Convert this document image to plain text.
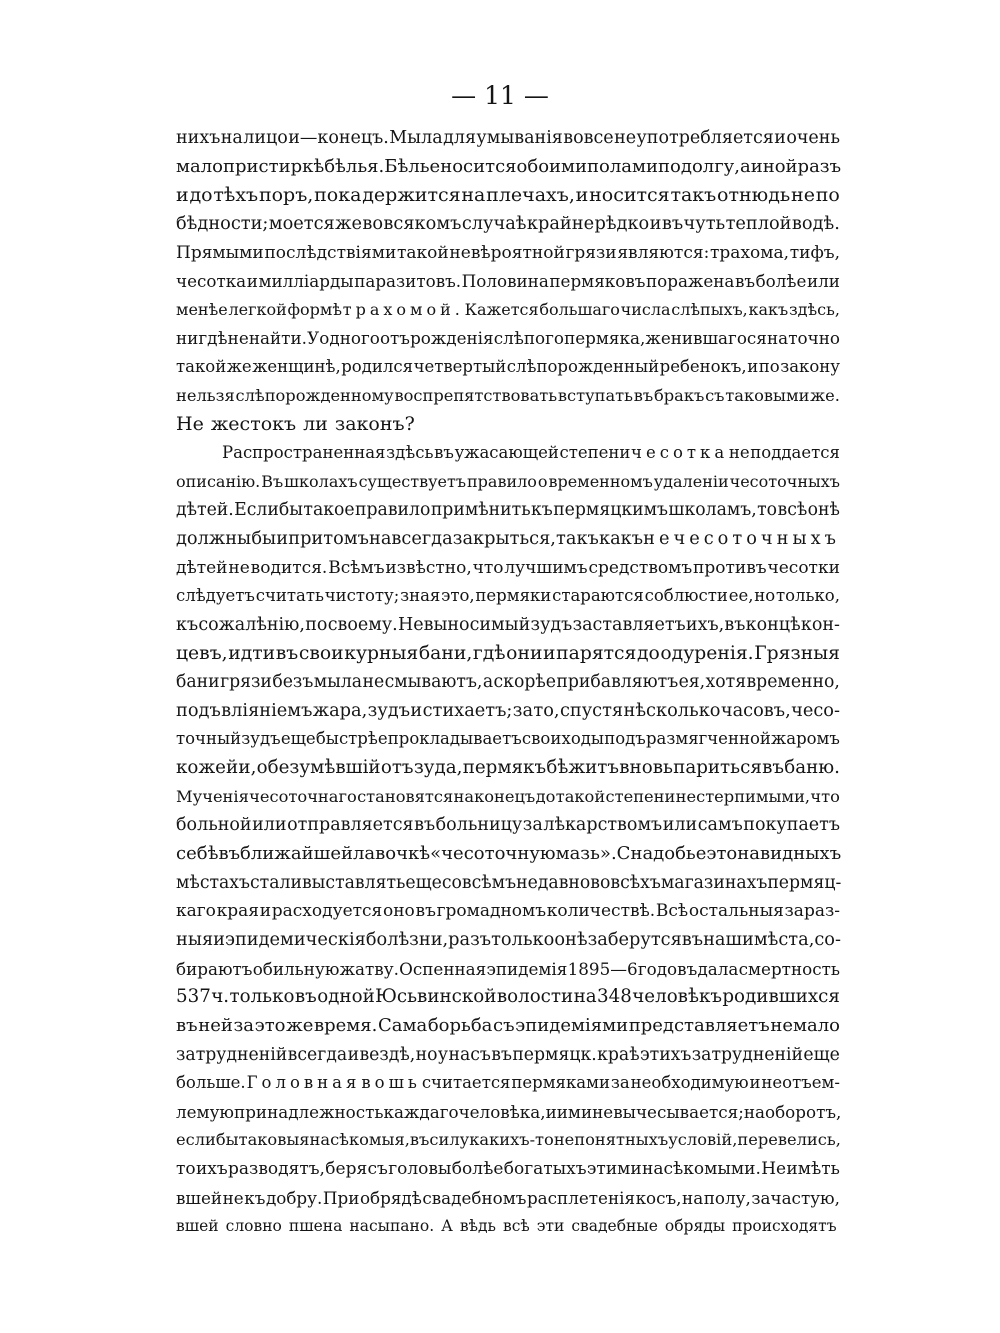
— 11 —
нихъ на лицо и—конецъ. Мыла для умыванія вовсе не употребляется и очень
мало при стиркѣ бѣлья. Бѣлье носится обоими полами по долгу, а иной разъ
и до тѣхъ поръ, пока держится на плечахъ, и носится такъ отнюдь не по
бѣдности; моется же во всякомъ случаѣ крайне рѣдко и въ чуть теплой водѣ.
Прямыми послѣдствіями такой невѣроятной грязи являются: трахома, тифъ,
чесотка и милліарды паразитовъ. Половина пермяковъ поражена въ болѣе или
менѣе легкой формѣ трахомой. Кажется большаго числа слѣпыхъ, какъ здѣсь,
нигдѣ не найти. У одного отъ рожденія слѣпого пермяка, женившагося на точно
такой же женщинѣ, родился четвертый слѣпорожденный ребенокъ, и по закону
нельзя слѣпорожденному воспрепятствовать вступать въ бракъ съ таковыми же.
Не жестокъ ли законъ?
Распространенная здѣсь въ ужасающей степени чесотка не поддается
описанію. Въ школахъ существуетъ правило о временномъ удаленіи чесоточныхъ
дѣтей. Еслибы такое правило примѣнить къ пермяцкимъ школамъ, то всѣ онѣ
должны бы и притомъ навсегда закрыться, такъ какъ нечесоточныхъ
дѣтей не водится. Всѣмъ извѣстно, что лучшимъ средствомъ противъ чесотки
слѣдуетъ считать чистоту; зная это, пермяки стараются соблюсти ее, но только,
къ сожалѣнію, по своему. Невыносимый зудъ заставляетъ ихъ, въ концѣ кон-
цевъ, идти въ свои курныя бани, гдѣ они и парятся до одуренія. Грязныя
бани грязи безъ мыла не смываютъ, а скорѣе прибавляютъ ея, хотя временно,
подъ вліяніемъ жара, зудъ и стихаетъ; за то, спустя нѣсколько часовъ, чесо-
точный зудъ еще быстрѣе прокладываетъ свои ходы подъ размягченной жаромъ
кожей и, обезумѣвшій отъ зуда, пермякъ бѣжитъ вновь париться въ баню.
Мученія чесоточнаго становятся наконецъ до такой степени нестерпимыми, что
больной или отправляется въ больницу за лѣкарствомъ или самъ покупаетъ
себѣ въ ближайшей лавочкѣ «чесоточную мазь». Снадобье это на видныхъ
мѣстахъ стали выставлять еще совсѣмъ недавно во всѣхъ магазинахъ пермяц-
каго края и расходуется оно въ громадномъ количествѣ. Всѣ остальныя зараз-
ныя и эпидемическія болѣзни, разъ только онѣ заберутся въ наши мѣста, со-
бираютъ обильную жатву. Оспенная эпидемія 1895—6 годовъ дала смертность
537 ч. только въ одной Юсьвинской волости на 348 человѣкъ родившихся
въ ней за это же время. Сама борьба съ эпидеміями представляетъ немало
затрудненій всегда и вездѣ, но у насъ въ пермяцк. краѣ этихъ затрудненій еще
больше. Головная вошь считается пермяками за необходимую и неотъем-
лемую принадлежность каждаго человѣка, и ими не вычесывается; наоборотъ,
еслибы таковыя насѣкомыя, въ силу какихъ-то непонятныхъ условій, перевелись,
то ихъ разводятъ, беря съ головы болѣе богатыхъ этими насѣкомыми. Не имѣть
вшей не къ добру. При обрядѣ свадебномъ расплетенія косъ, на полу, зачастую,
вшей словно пшена насыпано. А вѣдь всѣ эти свадебные обряды происходятъ
